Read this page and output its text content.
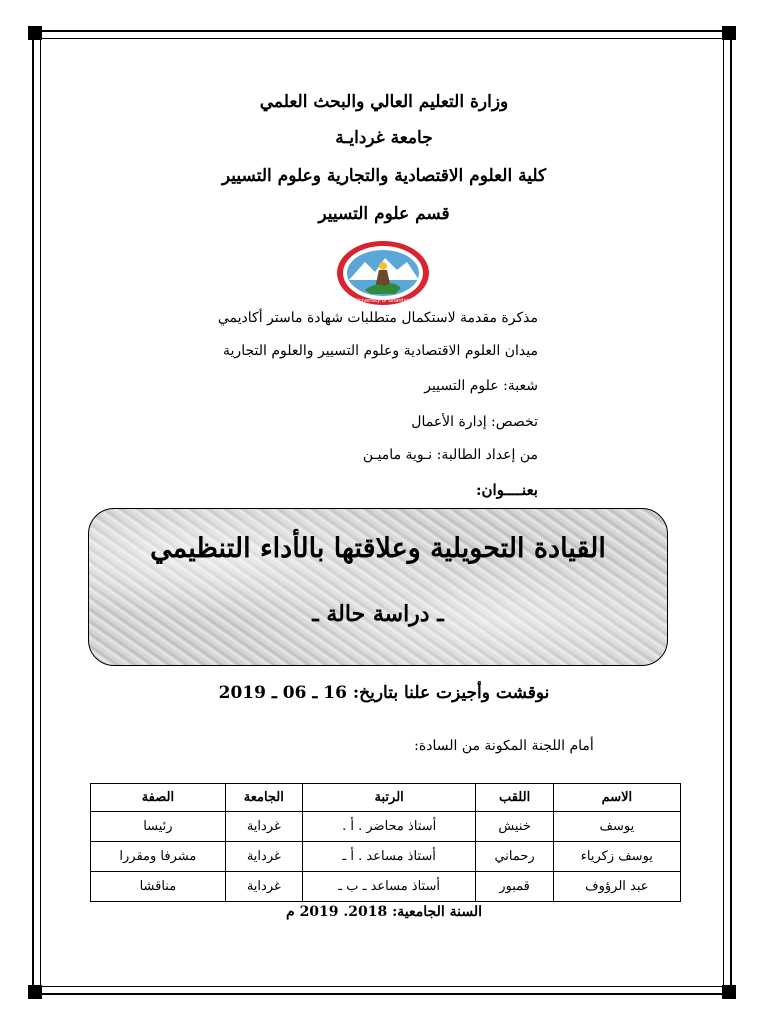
وزارة التعليم العالي والبحث العلمي
جامعة غردايـة
كلية العلوم الاقتصادية والتجارية وعلوم التسيير
قسم علوم التسيير
University of Ghardaia
مذكرة مقدمة لاستكمال متطلبات شهادة ماستر أكاديمي
ميدان العلوم الاقتصادية وعلوم التسيير والعلوم التجارية
شعبة: علوم التسيير
تخصص: إدارة الأعمال
من إعداد الطالبة: نـوية ماميـن
بعنــــوان:
القيادة التحويلية وعلاقتها بالأداء التنظيمي
ـ دراسة حالة ـ
نوقشت وأجيزت علنا بتاريخ: 16 ـ 06 ـ 2019
أمام اللجنة المكونة من السادة:
الاسم	اللقب	الرتبة	الجامعة	الصفة
يوسف	خنيش	أستاذ محاضر . أ .	غرداية	رئيسا
يوسف زكرياء	رحماني	أستاذ مساعد . أ ـ	غرداية	مشرفا ومقررا
عبد الرؤوف	قمبور	أستاذ مساعد ـ ب ـ	غرداية	مناقشا
السنة الجامعية: 2018. 2019 م
